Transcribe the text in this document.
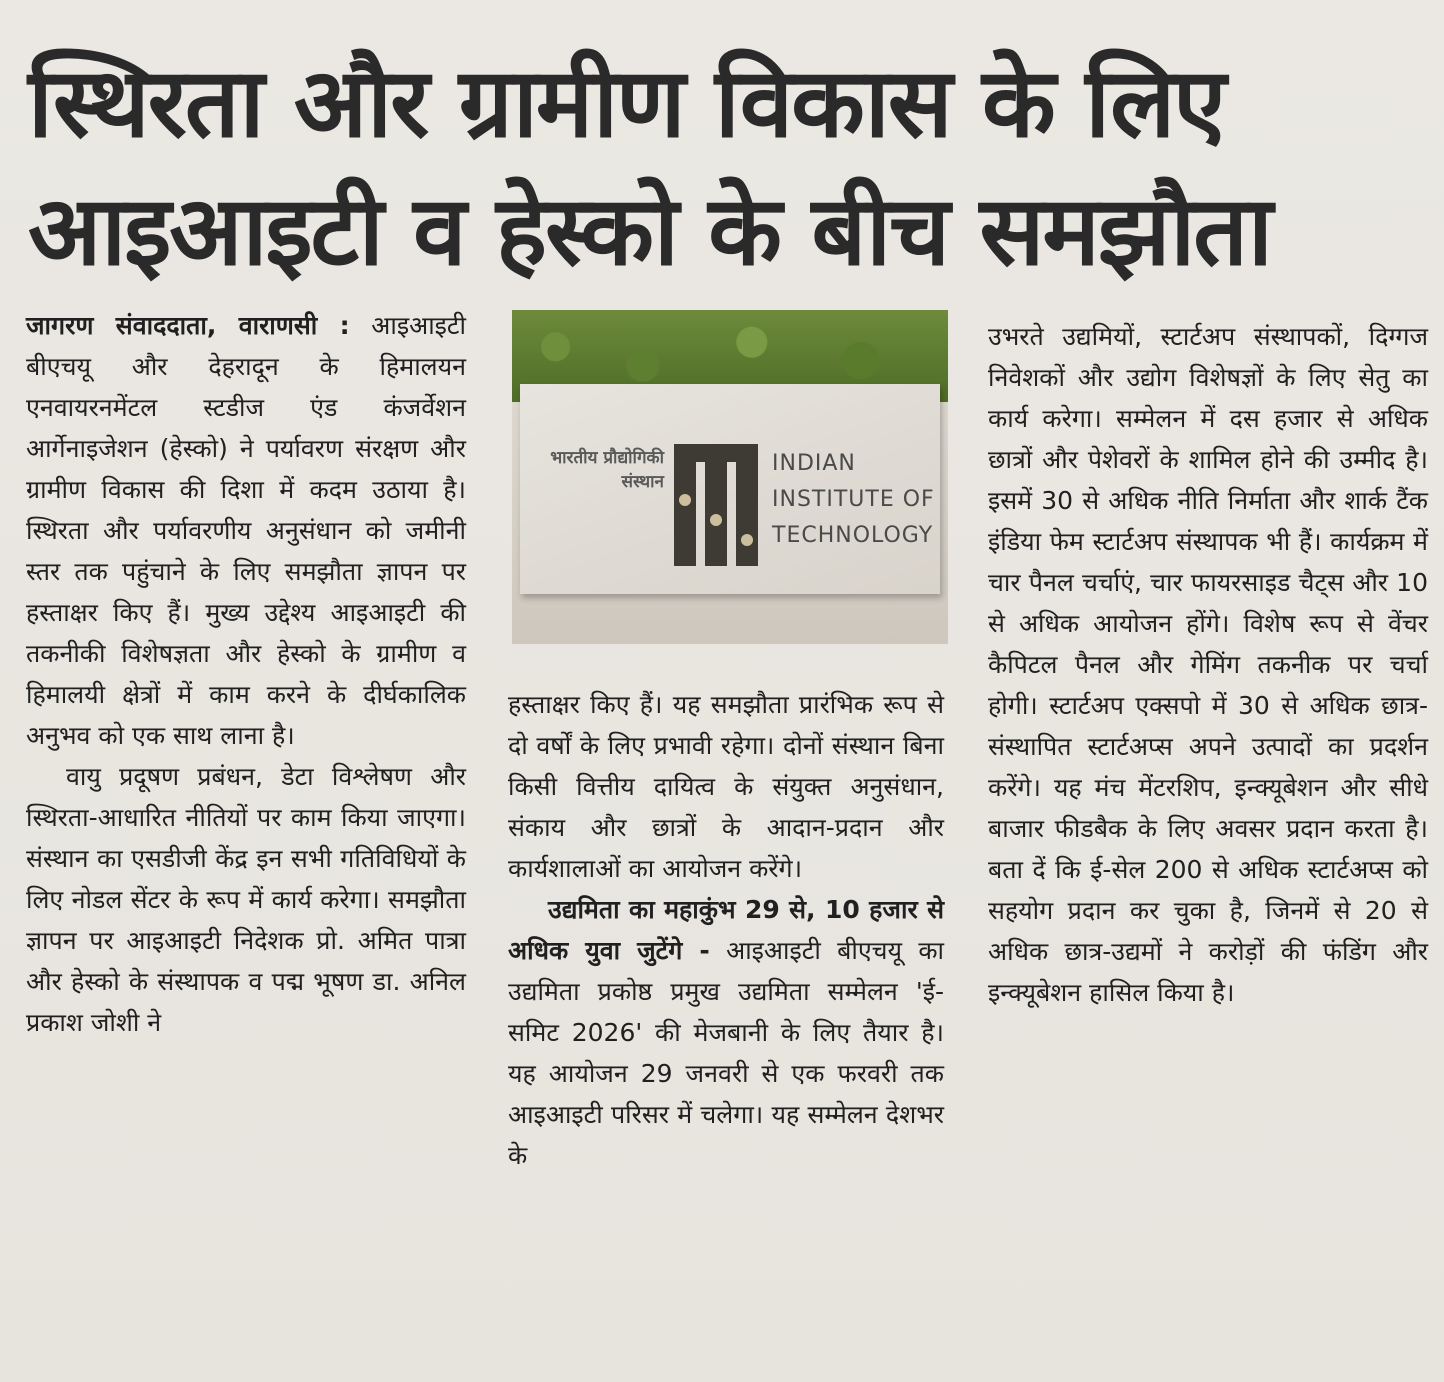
स्थिरता और ग्रामीण विकास के लिए
आइआइटी व हेस्को के बीच समझौता

जागरण संवाददाता, वाराणसी : आइआइटी बीएचयू और देहरादून के हिमालयन एनवायरनमेंटल स्टडीज एंड कंजर्वेशन आर्गेनाइजेशन (हेस्को) ने पर्यावरण संरक्षण और ग्रामीण विकास की दिशा में कदम उठाया है। स्थिरता और पर्यावरणीय अनुसंधान को जमीनी स्तर तक पहुंचाने के लिए समझौता ज्ञापन पर हस्ताक्षर किए हैं। मुख्य उद्देश्य आइआइटी की तकनीकी विशेषज्ञता और हेस्को के ग्रामीण व हिमालयी क्षेत्रों में काम करने के दीर्घकालिक अनुभव को एक साथ लाना है।

वायु प्रदूषण प्रबंधन, डेटा विश्लेषण और स्थिरता-आधारित नीतियों पर काम किया जाएगा। संस्थान का एसडीजी केंद्र इन सभी गतिविधियों के लिए नोडल सेंटर के रूप में कार्य करेगा। समझौता ज्ञापन पर आइआइटी निदेशक प्रो. अमित पात्रा और हेस्को के संस्थापक व पद्म भूषण डा. अनिल प्रकाश जोशी ने

भारतीय प्रौद्योगिकी संस्थान
INDIAN INSTITUTE OF TECHNOLOGY

हस्ताक्षर किए हैं। यह समझौता प्रारंभिक रूप से दो वर्षों के लिए प्रभावी रहेगा। दोनों संस्थान बिना किसी वित्तीय दायित्व के संयुक्त अनुसंधान, संकाय और छात्रों के आदान-प्रदान और कार्यशालाओं का आयोजन करेंगे।

उद्यमिता का महाकुंभ 29 से, 10 हजार से अधिक युवा जुटेंगे - आइआइटी बीएचयू का उद्यमिता प्रकोष्ठ प्रमुख उद्यमिता सम्मेलन 'ई-समिट 2026' की मेजबानी के लिए तैयार है। यह आयोजन 29 जनवरी से एक फरवरी तक आइआइटी परिसर में चलेगा। यह सम्मेलन देशभर के

उभरते उद्यमियों, स्टार्टअप संस्थापकों, दिग्गज निवेशकों और उद्योग विशेषज्ञों के लिए सेतु का कार्य करेगा। सम्मेलन में दस हजार से अधिक छात्रों और पेशेवरों के शामिल होने की उम्मीद है। इसमें 30 से अधिक नीति निर्माता और शार्क टैंक इंडिया फेम स्टार्टअप संस्थापक भी हैं। कार्यक्रम में चार पैनल चर्चाएं, चार फायरसाइड चैट्स और 10 से अधिक आयोजन होंगे। विशेष रूप से वेंचर कैपिटल पैनल और गेमिंग तकनीक पर चर्चा होगी। स्टार्टअप एक्सपो में 30 से अधिक छात्र-संस्थापित स्टार्टअप्स अपने उत्पादों का प्रदर्शन करेंगे। यह मंच मेंटरशिप, इन्क्यूबेशन और सीधे बाजार फीडबैक के लिए अवसर प्रदान करता है। बता दें कि ई-सेल 200 से अधिक स्टार्टअप्स को सहयोग प्रदान कर चुका है, जिनमें से 20 से अधिक छात्र-उद्यमों ने करोड़ों की फंडिंग और इन्क्यूबेशन हासिल किया है।
